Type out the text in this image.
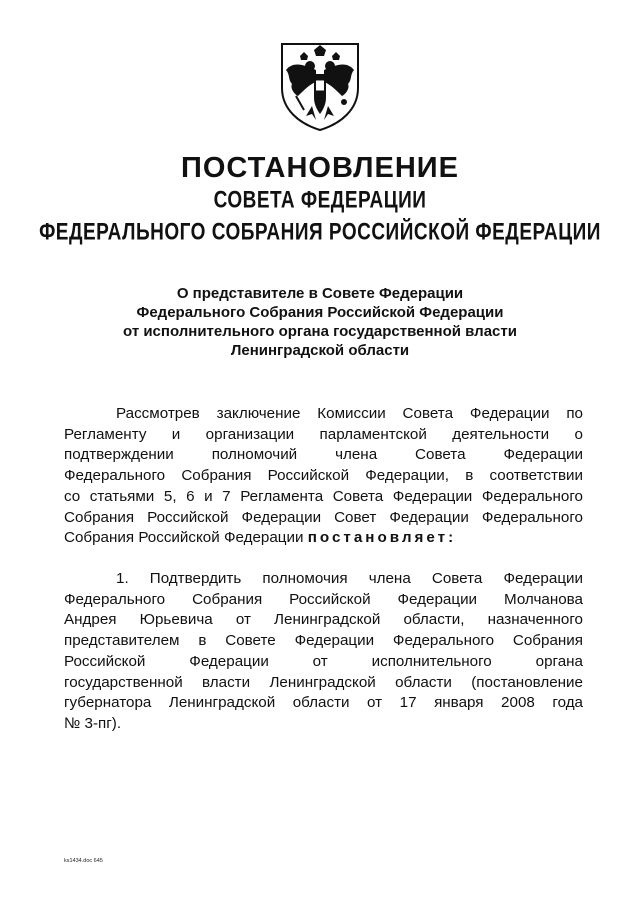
ПОСТАНОВЛЕНИЕ
СОВЕТА ФЕДЕРАЦИИ
ФЕДЕРАЛЬНОГО СОБРАНИЯ РОССИЙСКОЙ ФЕДЕРАЦИИ
О представителе в Совете Федерации
Федерального Собрания Российской Федерации
от исполнительного органа государственной власти
Ленинградской области
Рассмотрев заключение Комиссии Совета Федерации по
Регламенту и организации парламентской деятельности о
подтверждении полномочий члена Совета Федерации
Федерального Собрания Российской Федерации, в соответствии
со статьями 5, 6 и 7 Регламента Совета Федерации Федерального
Собрания Российской Федерации Совет Федерации Федерального
Собрания Российской Федерации постановляет:
1. Подтвердить полномочия члена Совета Федерации
Федерального Собрания Российской Федерации Молчанова
Андрея Юрьевича от Ленинградской области, назначенного
представителем в Совете Федерации Федерального Собрания
Российской Федерации от исполнительного органа
государственной власти Ленинградской области (постановление
губернатора Ленинградской области от 17 января 2008 года
№ 3-пг).
ks1434.doc 645
